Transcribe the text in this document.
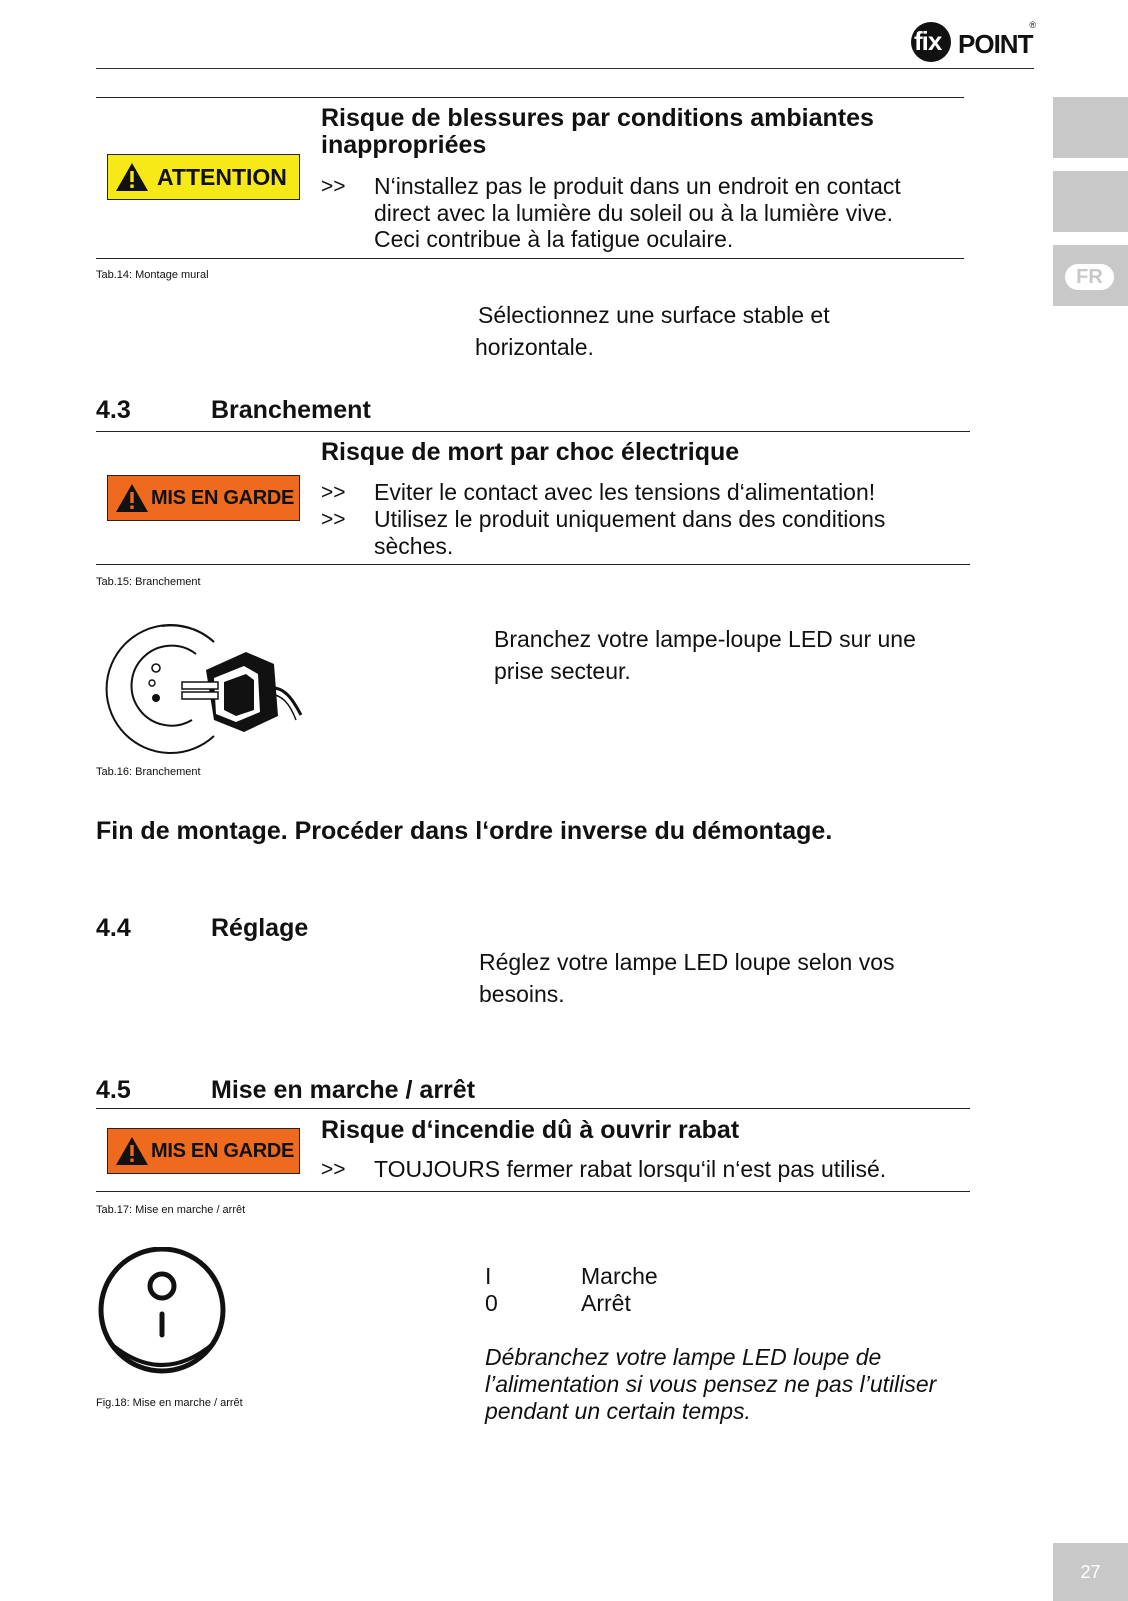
fix POINT
®
FR
ATTENTION
Risque de blessures par conditions ambiantes
inappropriées
>> N‘installez pas le produit dans un endroit en contact
direct avec la lumière du soleil ou à la lumière vive.
Ceci contribue à la fatigue oculaire.
Tab.14: Montage mural
Sélectionnez une surface stable et
horizontale.
4.3	Branchement
Risque de mort par choc électrique
MIS EN GARDE >> Eviter le contact avec les tensions d‘alimentation!
>> Utilisez le produit uniquement dans des conditions
sèches.
Tab.15: Branchement
Branchez votre lampe-loupe LED sur une
prise secteur.
Tab.16: Branchement
Fin de montage. Procéder dans l‘ordre inverse du démontage.
4.4	Réglage
Réglez votre lampe LED loupe selon vos
besoins.
4.5	Mise en marche / arrêt
Risque d‘incendie dû à ouvrir rabat
MIS EN GARDE
>> TOUJOURS fermer rabat lorsqu‘il n‘est pas utilisé.
Tab.17: Mise en marche / arrêt
I	Marche
0	Arrêt
Débranchez votre lampe LED loupe de
l’alimentation si vous pensez ne pas l’utiliser
pendant un certain temps.
Fig.18: Mise en marche / arrêt
27
